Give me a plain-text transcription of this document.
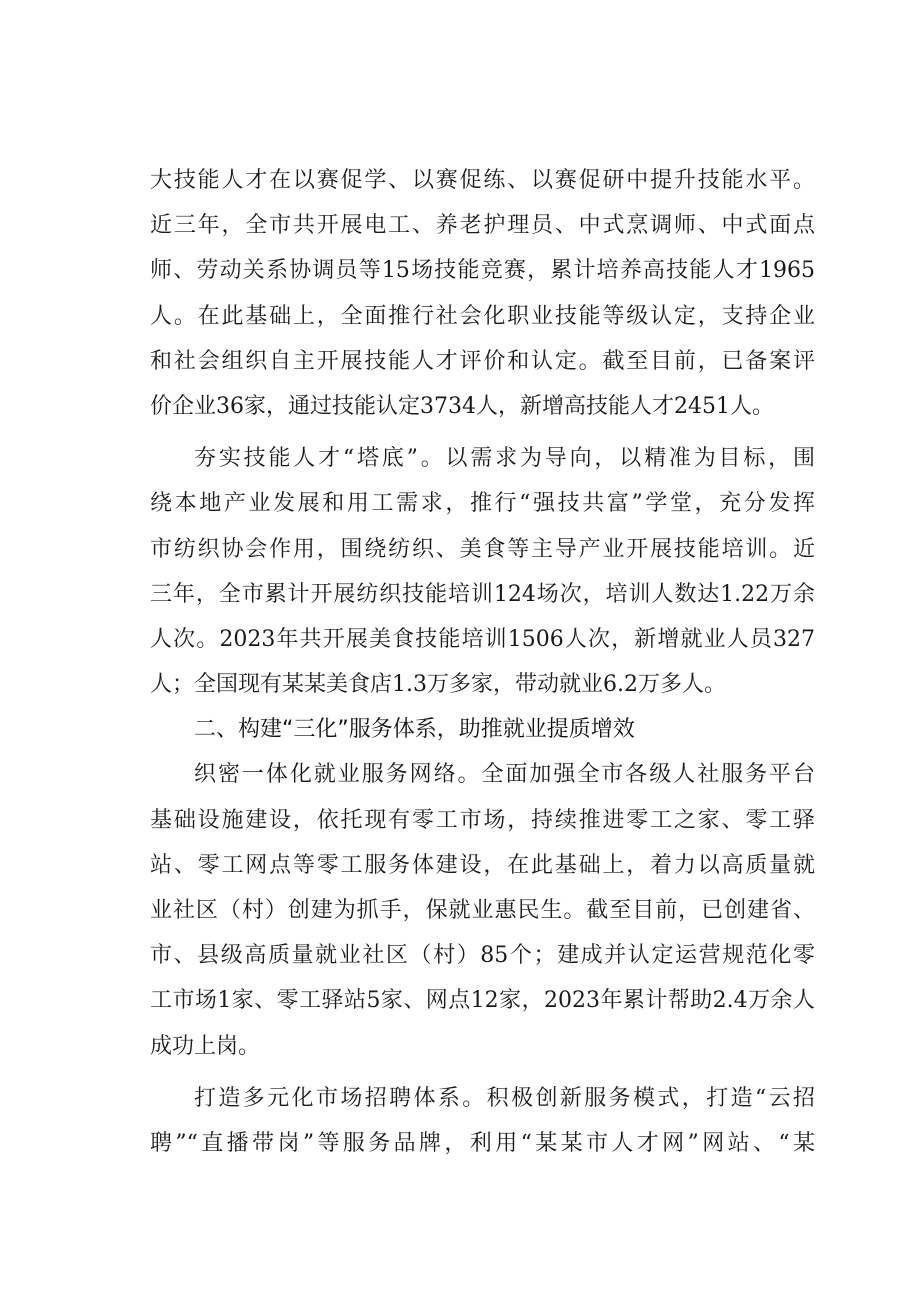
大技能人才在以赛促学、以赛促练、以赛促研中提升技能水平。
近三年，全市共开展电工、养老护理员、中式烹调师、中式面点
师、劳动关系协调员等15场技能竞赛，累计培养高技能人才1965
人。在此基础上，全面推行社会化职业技能等级认定，支持企业
和社会组织自主开展技能人才评价和认定。截至目前，已备案评
价企业36家，通过技能认定3734人，新增高技能人才2451人。
夯实技能人才“塔底”。以需求为导向，以精准为目标，围
绕本地产业发展和用工需求，推行“强技共富”学堂，充分发挥
市纺织协会作用，围绕纺织、美食等主导产业开展技能培训。近
三年，全市累计开展纺织技能培训124场次，培训人数达1.22万余
人次。2023年共开展美食技能培训1506人次，新增就业人员327
人；全国现有某某美食店1.3万多家，带动就业6.2万多人。
二、构建“三化”服务体系，助推就业提质增效
织密一体化就业服务网络。全面加强全市各级人社服务平台
基础设施建设，依托现有零工市场，持续推进零工之家、零工驿
站、零工网点等零工服务体建设，在此基础上，着力以高质量就
业社区（村）创建为抓手，保就业惠民生。截至目前，已创建省、
市、县级高质量就业社区（村）85个；建成并认定运营规范化零
工市场1家、零工驿站5家、网点12家，2023年累计帮助2.4万余人
成功上岗。
打造多元化市场招聘体系。积极创新服务模式，打造“云招
聘”“直播带岗”等服务品牌，利用“某某市人才网”网站、“某
